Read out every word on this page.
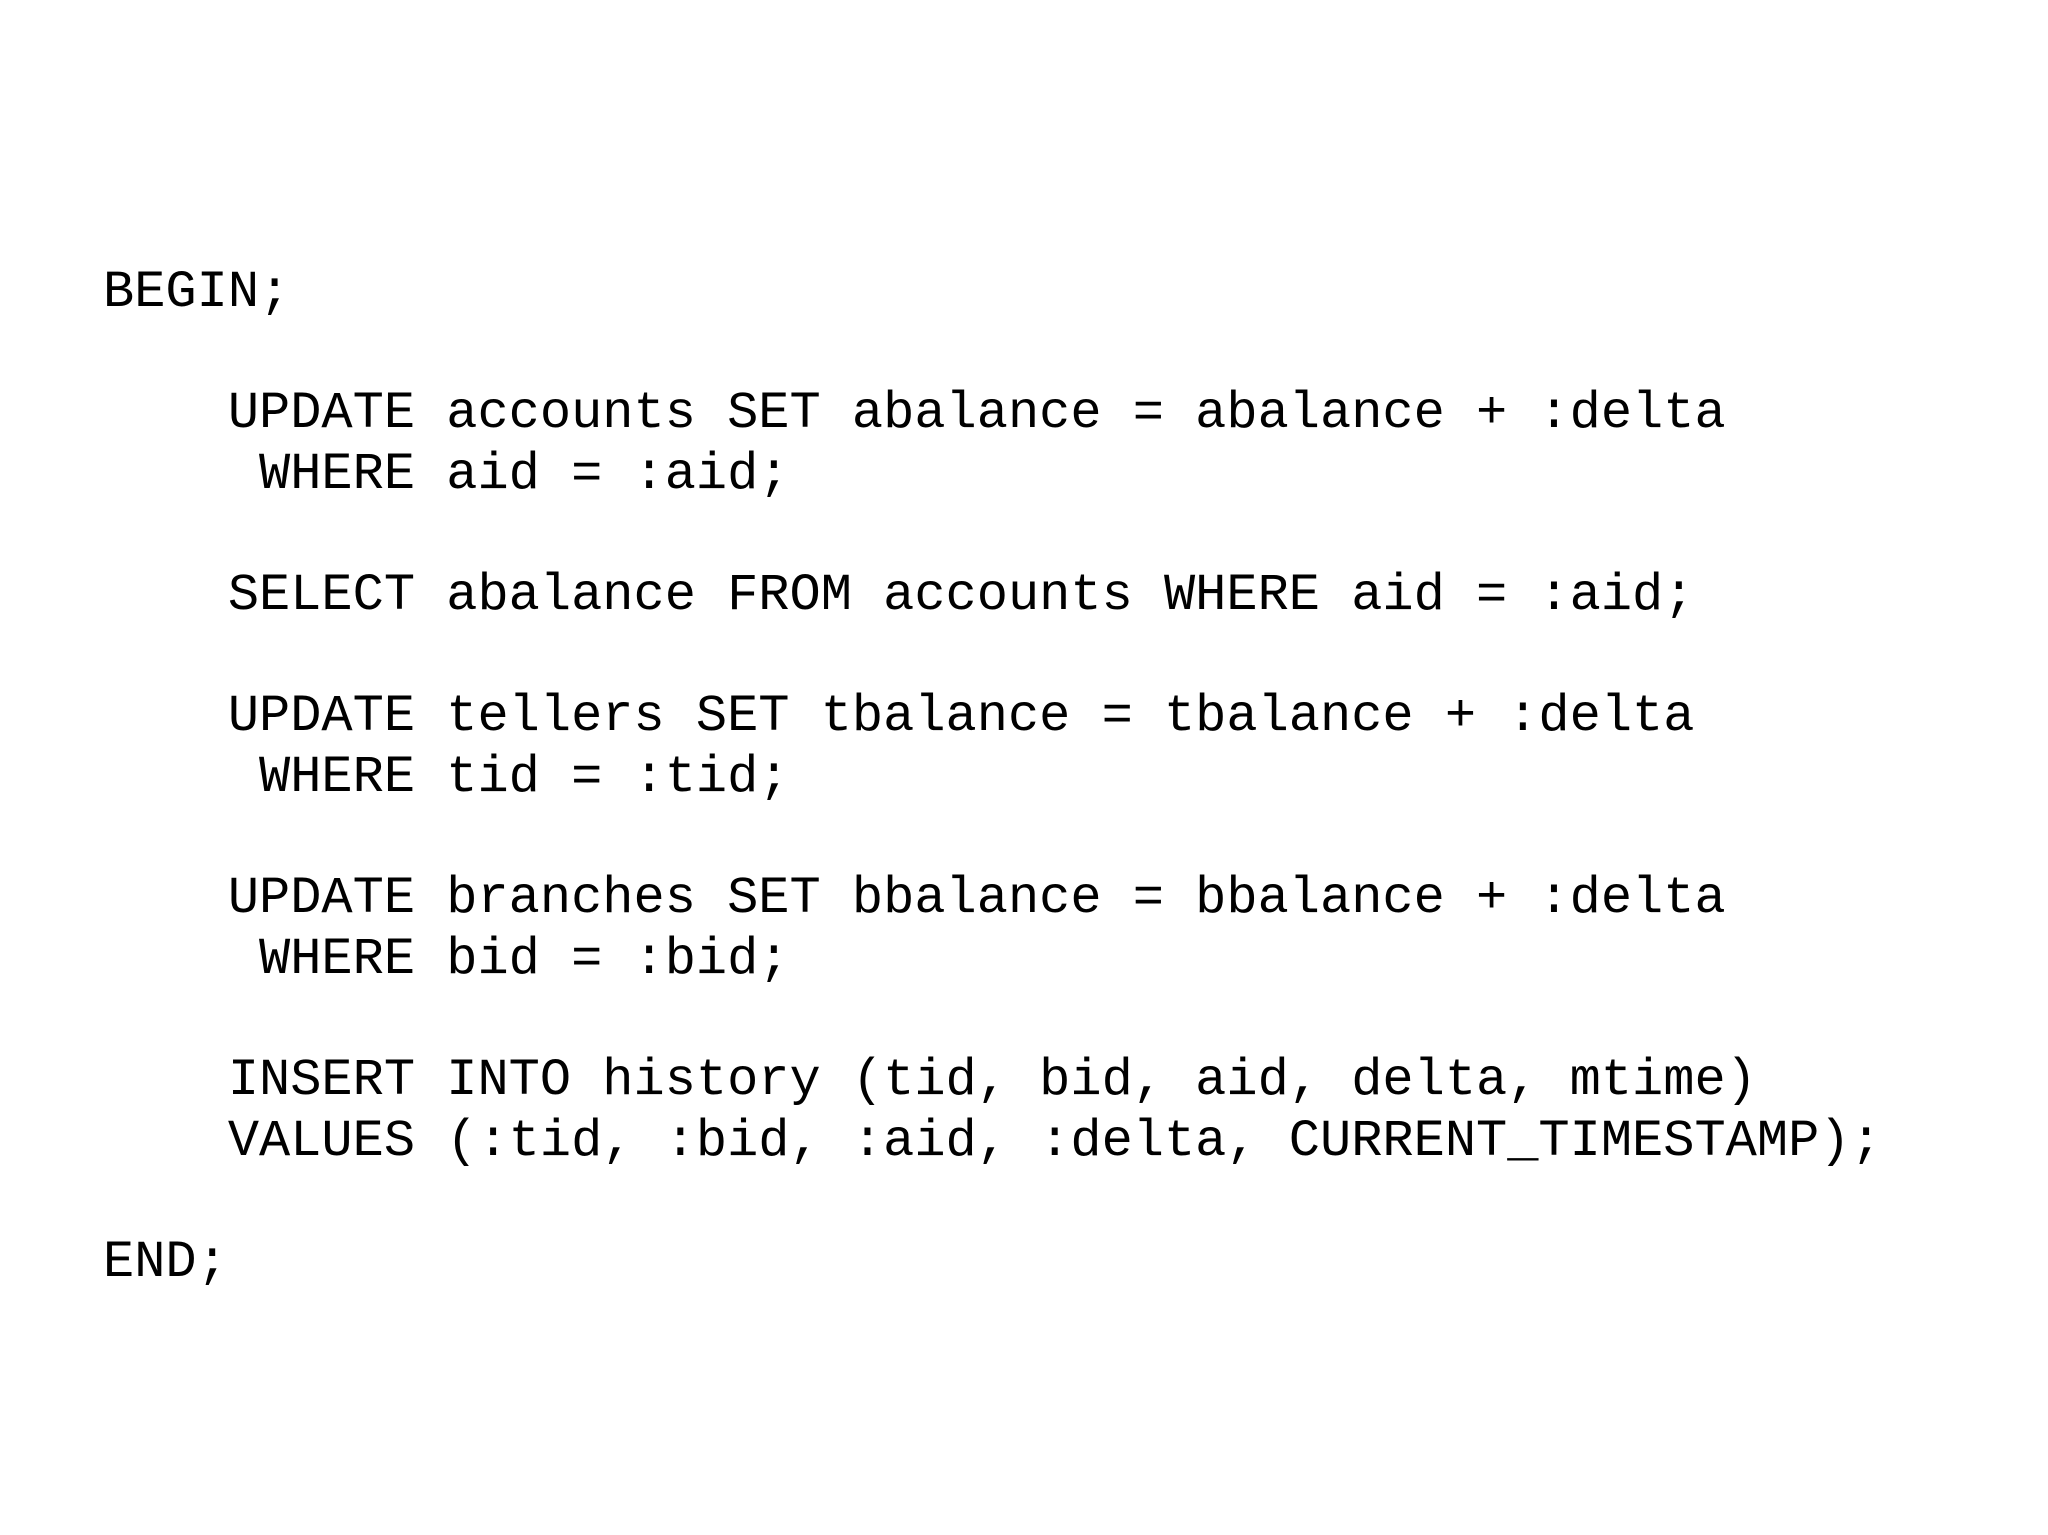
BEGIN;
UPDATE accounts SET abalance = abalance + :delta
WHERE aid = :aid;
SELECT abalance FROM accounts WHERE aid = :aid;
UPDATE tellers SET tbalance = tbalance + :delta
WHERE tid = :tid;
UPDATE branches SET bbalance = bbalance + :delta
WHERE bid = :bid;
INSERT INTO history (tid, bid, aid, delta, mtime)
VALUES (:tid, :bid, :aid, :delta, CURRENT_TIMESTAMP);
END;
